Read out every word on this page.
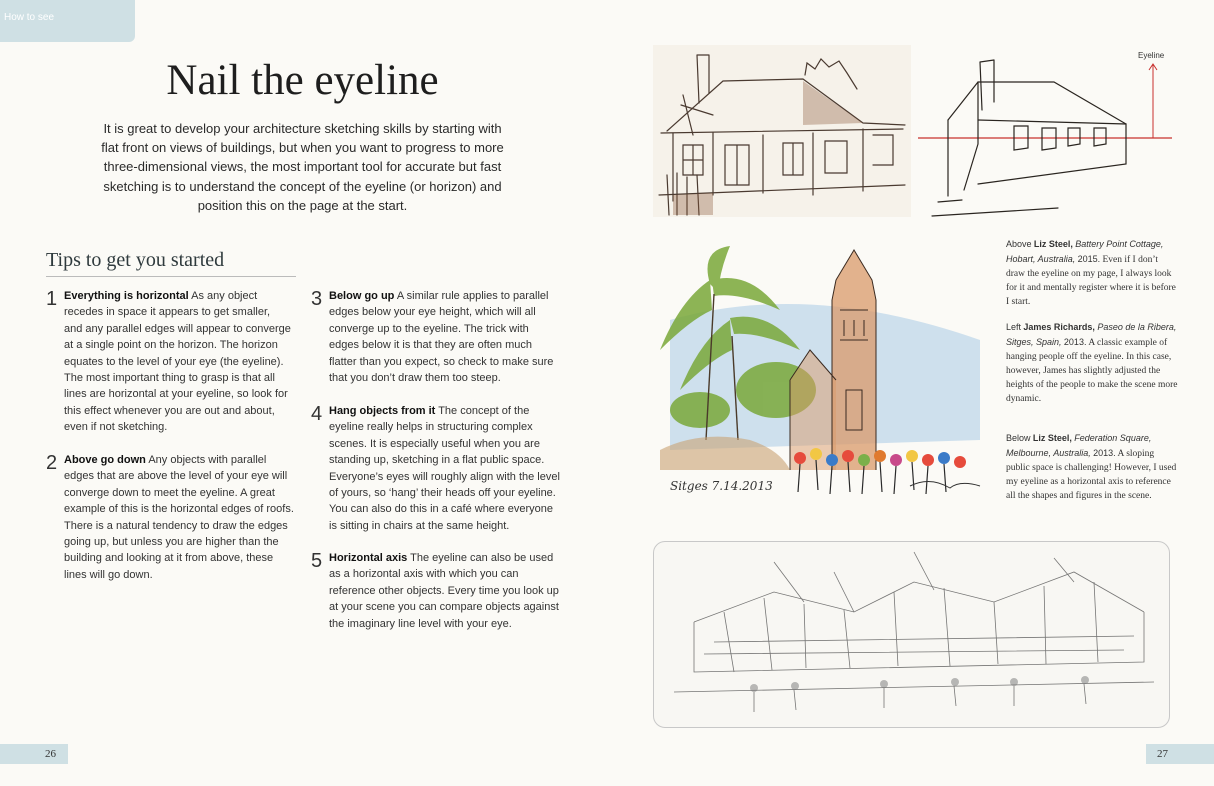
How to see
26	27
Nail the eyeline

It is great to develop your architecture sketching skills by starting with flat front on views of buildings, but when you want to progress to more three-dimensional views, the most important tool for accurate but fast sketching is to understand the concept of the eyeline (or horizon) and position this on the page at the start.

Tips to get you started
1 Everything is horizontal As any object recedes in space it appears to get smaller, and any parallel edges will appear to converge at a single point on the horizon. The horizon equates to the level of your eye (the eyeline). The most important thing to grasp is that all lines are horizontal at your eyeline, so look for this effect whenever you are out and about, even if not sketching.
2 Above go down Any objects with parallel edges that are above the level of your eye will converge down to meet the eyeline. A great example of this is the horizontal edges of roofs. There is a natural tendency to draw the edges going up, but unless you are higher than the building and looking at it from above, these lines will go down.
3 Below go up A similar rule applies to parallel edges below your eye height, which will all converge up to the eyeline. The trick with edges below it is that they are often much flatter than you expect, so check to make sure that you don’t draw them too steep.
4 Hang objects from it The concept of the eyeline really helps in structuring complex scenes. It is especially useful when you are standing up, sketching in a flat public space. Everyone’s eyes will roughly align with the level of yours, so ‘hang’ their heads off your eyeline. You can also do this in a café where everyone is sitting in chairs at the same height.
5 Horizontal axis The eyeline can also be used as a horizontal axis with which you can reference other objects. Every time you look up at your scene you can compare objects against the imaginary line level with your eye.
Eyeline
Sitges 7.14.2013
Above Liz Steel, Battery Point Cottage, Hobart, Australia, 2015. Even if I don’t draw the eyeline on my page, I always look for it and mentally register where it is before I start.
Left James Richards, Paseo de la Ribera, Sitges, Spain, 2013. A classic example of hanging people off the eyeline. In this case, however, James has slightly adjusted the heights of the people to make the scene more dynamic.
Below Liz Steel, Federation Square, Melbourne, Australia, 2013. A sloping public space is challenging! However, I used my eyeline as a horizontal axis to reference all the shapes and figures in the scene.
